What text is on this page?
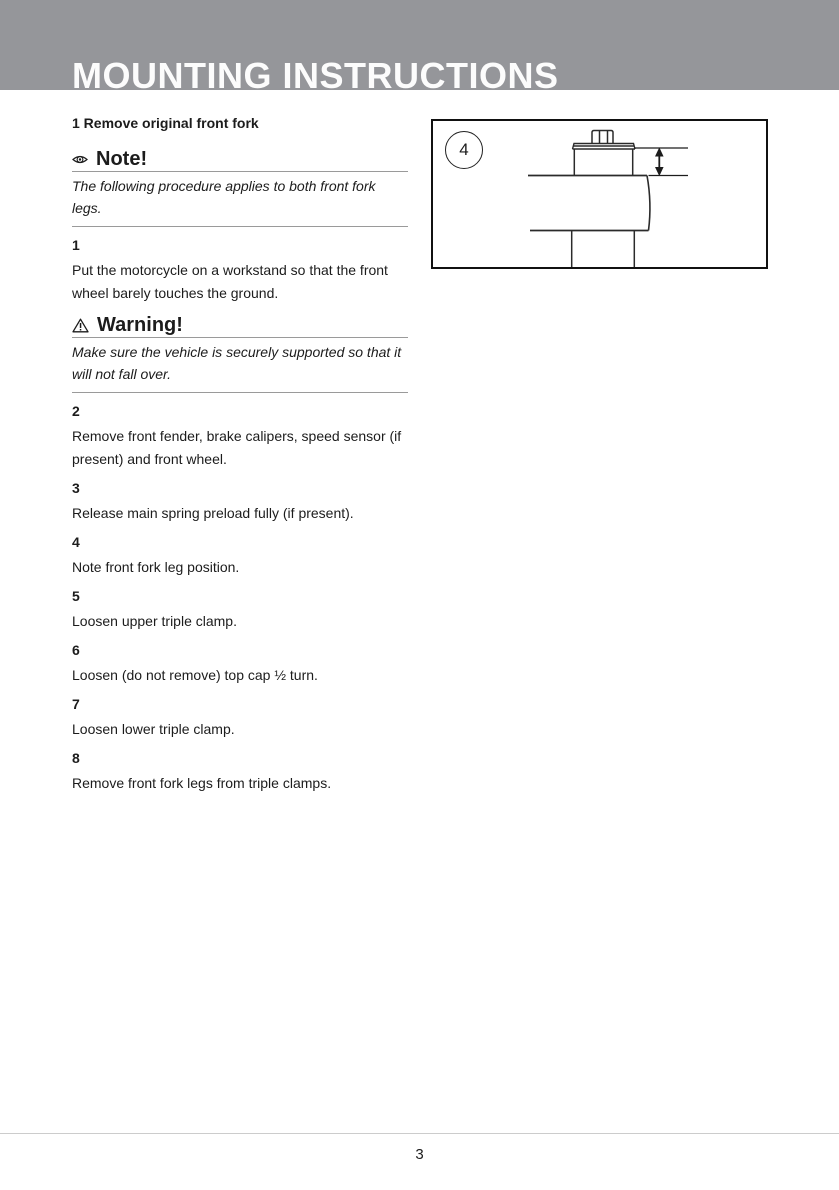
MOUNTING INSTRUCTIONS
1 Remove original front fork
Note!

The following procedure applies to both front fork legs.

1

Put the motorcycle on a workstand so that the front wheel barely touches the ground.

Warning!

Make sure the vehicle is securely supported so that it will not fall over.

2

Remove front fender, brake calipers, speed sensor (if present) and front wheel.

3

Release main spring preload fully (if present).

4

Note front fork leg position.

5

Loosen upper triple clamp.

6

Loosen (do not remove) top cap ½ turn.

7

Loosen lower triple clamp.

8

Remove front fork legs from triple clamps.

4
3
